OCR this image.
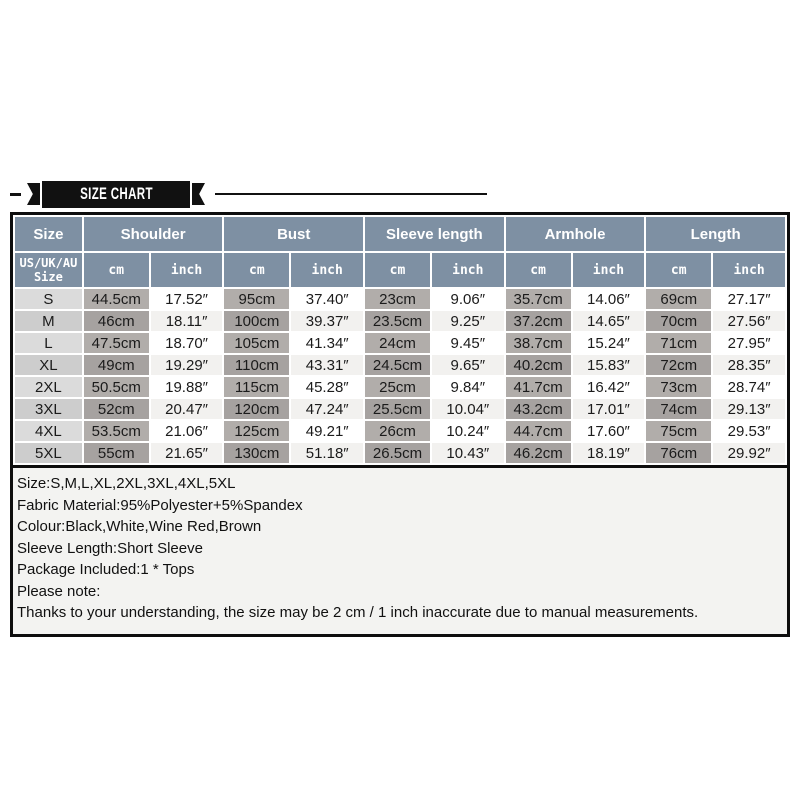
SIZE CHART
Size	Shoulder		Bust		Sleeve length		Armhole		Length	

US/UK/AU
Size	cm	inch	cm	inch	cm	inch	cm	inch	cm	inch
S	44.5cm	17.52″	95cm	37.40″	23cm	9.06″	35.7cm	14.06″	69cm	27.17″
M	46cm	18.11″	100cm	39.37″	23.5cm	9.25″	37.2cm	14.65″	70cm	27.56″
L	47.5cm	18.70″	105cm	41.34″	24cm	9.45″	38.7cm	15.24″	71cm	27.95″
XL	49cm	19.29″	110cm	43.31″	24.5cm	9.65″	40.2cm	15.83″	72cm	28.35″
2XL	50.5cm	19.88″	115cm	45.28″	25cm	9.84″	41.7cm	16.42″	73cm	28.74″
3XL	52cm	20.47″	120cm	47.24″	25.5cm	10.04″	43.2cm	17.01″	74cm	29.13″
4XL	53.5cm	21.06″	125cm	49.21″	26cm	10.24″	44.7cm	17.60″	75cm	29.53″
5XL	55cm	21.65″	130cm	51.18″	26.5cm	10.43″	46.2cm	18.19″	76cm	29.92″
Size:S,M,L,XL,2XL,3XL,4XL,5XL
Fabric Material:95%Polyester+5%Spandex
Colour:Black,White,Wine Red,Brown
Sleeve Length:Short Sleeve
Package Included:1 * Tops
Please note:
Thanks to your understanding, the size may be 2 cm / 1 inch inaccurate due to manual measurements.
